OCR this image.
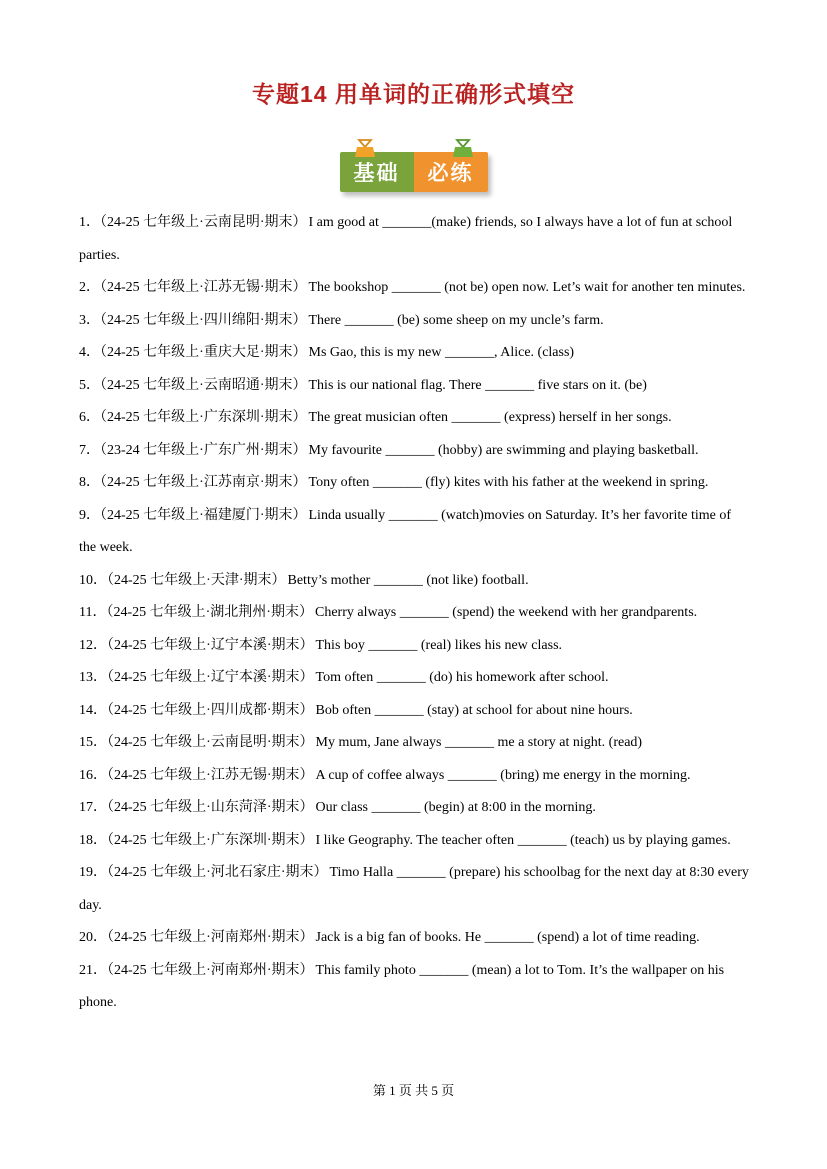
专题14 用单词的正确形式填空
基础	必练

1．（24-25 七年级上·云南昆明·期末） I am good at _______(make) friends, so I always have a lot of fun at school parties.

2．（24-25 七年级上·江苏无锡·期末） The bookshop _______ (not be) open now. Let’s wait for another ten minutes.

3．（24-25 七年级上·四川绵阳·期末） There _______ (be) some sheep on my uncle’s farm.

4．（24-25 七年级上·重庆大足·期末） Ms Gao, this is my new _______, Alice. (class)

5．（24-25 七年级上·云南昭通·期末） This is our national flag. There _______ five stars on it. (be)

6．（24-25 七年级上·广东深圳·期末） The great musician often _______ (express) herself in her songs.

7．（23-24 七年级上·广东广州·期末） My favourite _______ (hobby) are swimming and playing basketball.

8．（24-25 七年级上·江苏南京·期末） Tony often _______ (fly) kites with his father at the weekend in spring.

9．（24-25 七年级上·福建厦门·期末） Linda usually _______ (watch)movies on Saturday. It’s her favorite time of the week.

10．（24-25 七年级上·天津·期末） Betty’s mother _______ (not like) football.

11．（24-25 七年级上·湖北荆州·期末） Cherry always _______ (spend) the weekend with her grandparents.

12．（24-25 七年级上·辽宁本溪·期末） This boy _______ (real) likes his new class.

13．（24-25 七年级上·辽宁本溪·期末） Tom often _______ (do) his homework after school.

14．（24-25 七年级上·四川成都·期末） Bob often _______ (stay) at school for about nine hours.

15．（24-25 七年级上·云南昆明·期末） My mum, Jane always _______ me a story at night. (read)

16．（24-25 七年级上·江苏无锡·期末） A cup of coffee always _______ (bring) me energy in the morning.

17．（24-25 七年级上·山东菏泽·期末） Our class _______ (begin) at 8:00 in the morning.

18．（24-25 七年级上·广东深圳·期末） I like Geography. The teacher often _______ (teach) us by playing games.

19．（24-25 七年级上·河北石家庄·期末） Timo Halla _______ (prepare) his schoolbag for the next day at 8:30 every day.

20．（24-25 七年级上·河南郑州·期末） Jack is a big fan of books. He _______ (spend) a lot of time reading.

21．（24-25 七年级上·河南郑州·期末） This family photo _______ (mean) a lot to Tom. It’s the wallpaper on his phone.

第 1 页 共 5 页
